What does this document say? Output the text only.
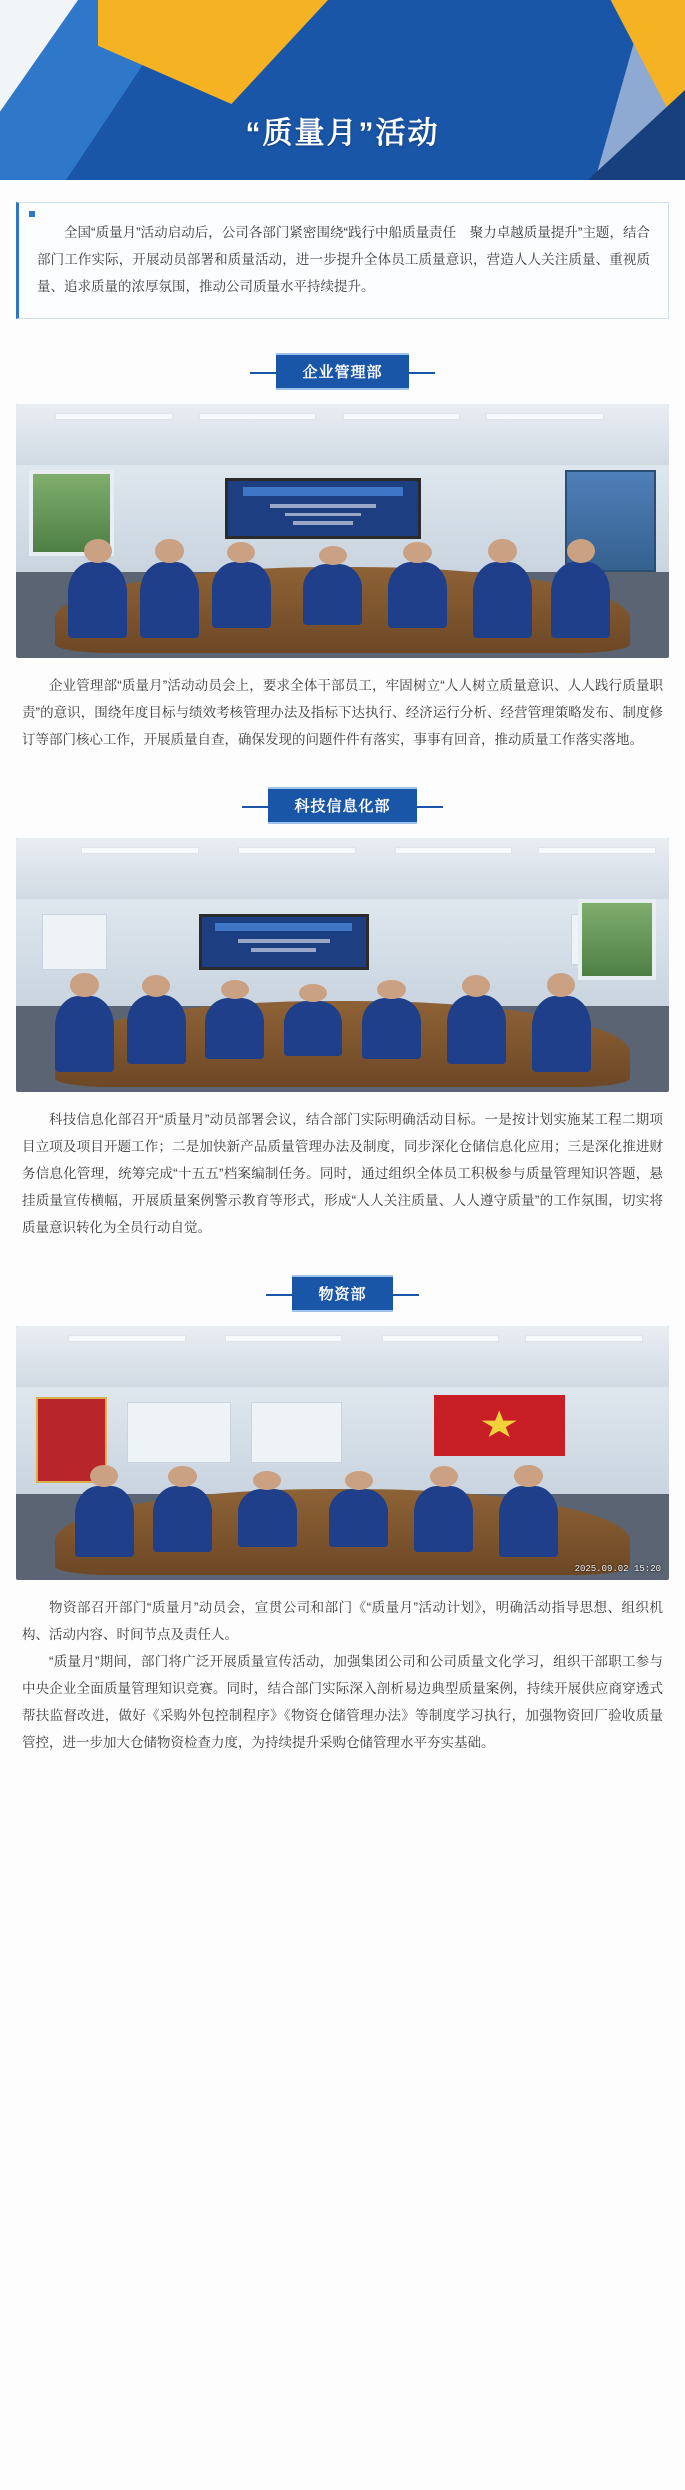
“质量月”活动

全国“质量月”活动启动后，公司各部门紧密围绕“践行中船质量责任　聚力卓越质量提升”主题，结合部门工作实际，开展动员部署和质量活动，进一步提升全体员工质量意识，营造人人关注质量、重视质量、追求质量的浓厚氛围，推动公司质量水平持续提升。

企业管理部

企业管理部“质量月”活动动员会上，要求全体干部员工，牢固树立“人人树立质量意识、人人践行质量职责”的意识，围绕年度目标与绩效考核管理办法及指标下达执行、经济运行分析、经营管理策略发布、制度修订等部门核心工作，开展质量自查，确保发现的问题件件有落实，事事有回音，推动质量工作落实落地。

科技信息化部

科技信息化部召开“质量月”动员部署会议，结合部门实际明确活动目标。一是按计划实施某工程二期项目立项及项目开题工作；二是加快新产品质量管理办法及制度，同步深化仓储信息化应用；三是深化推进财务信息化管理，统筹完成“十五五”档案编制任务。同时，通过组织全体员工积极参与质量管理知识答题，悬挂质量宣传横幅，开展质量案例警示教育等形式，形成“人人关注质量、人人遵守质量”的工作氛围，切实将质量意识转化为全员行动自觉。

物资部
2025.09.02 15:20

物资部召开部门“质量月”动员会，宣贯公司和部门《“质量月”活动计划》，明确活动指导思想、组织机构、活动内容、时间节点及责任人。

“质量月”期间，部门将广泛开展质量宣传活动，加强集团公司和公司质量文化学习，组织干部职工参与中央企业全面质量管理知识竞赛。同时，结合部门实际深入剖析易边典型质量案例，持续开展供应商穿透式帮扶监督改进，做好《采购外包控制程序》《物资仓储管理办法》等制度学习执行，加强物资回厂验收质量管控，进一步加大仓储物资检查力度，为持续提升采购仓储管理水平夯实基础。
